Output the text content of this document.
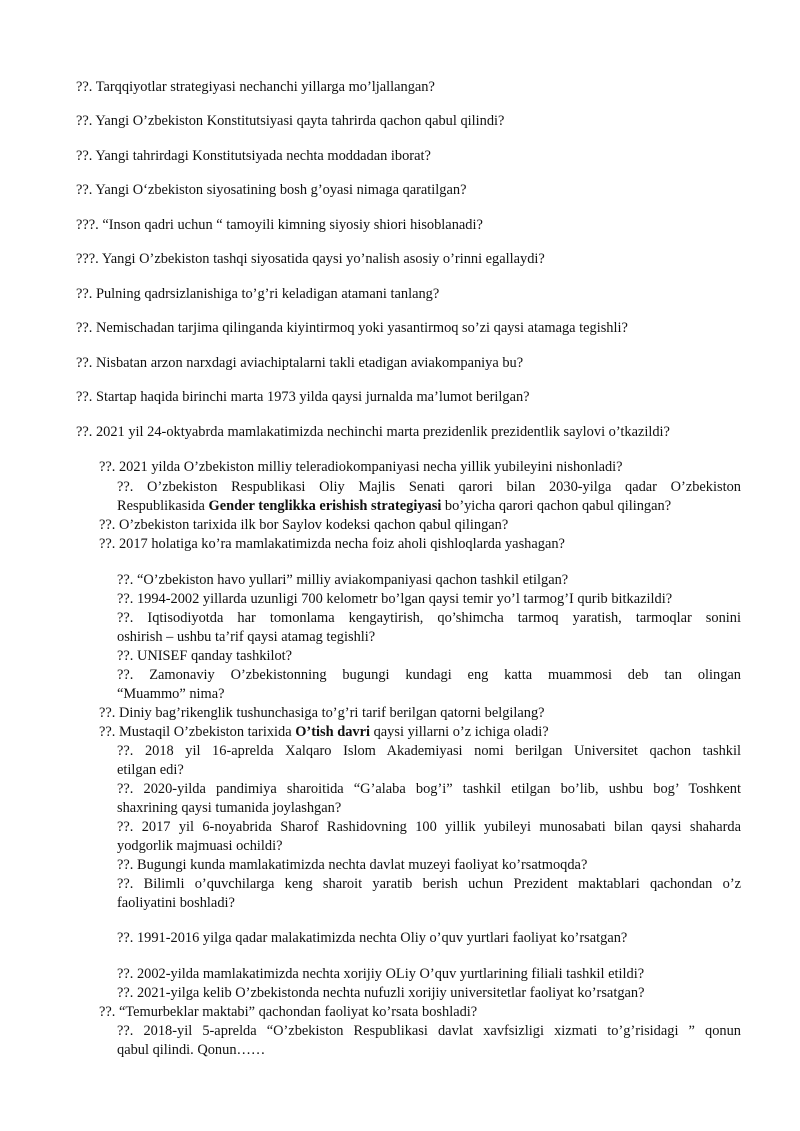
??. Tarqqiyotlar strategiyasi nechanchi yillarga mo’ljallangan?
??. Yangi O’zbekiston Konstitutsiyasi qayta tahrirda qachon qabul qilindi?
??. Yangi tahrirdagi Konstitutsiyada nechta moddadan iborat?
??. Yangi O‘zbekiston siyosatining bosh g’oyasi nimaga qaratilgan?
???. “Inson qadri uchun “ tamoyili kimning siyosiy shiori hisoblanadi?
???. Yangi O’zbekiston tashqi siyosatida qaysi yo’nalish asosiy o’rinni egallaydi?
??. Pulning qadrsizlanishiga to’g’ri keladigan atamani tanlang?
??. Nemischadan tarjima qilinganda kiyintirmoq yoki yasantirmoq so’zi qaysi atamaga tegishli?
??. Nisbatan arzon narxdagi aviachiptalarni takli etadigan aviakompaniya bu?
??. Startap haqida birinchi marta 1973 yilda qaysi jurnalda ma’lumot berilgan?
??. 2021 yil 24-oktyabrda mamlakatimizda nechinchi marta prezidenlik prezidentlik saylovi o’tkazildi?
??. 2021 yilda O’zbekiston milliy teleradiokompaniyasi necha yillik yubileyini nishonladi?
??. O’zbekiston Respublikasi Oliy Majlis Senati qarori bilan 2030-yilga qadar O’zbekiston
Respublikasida Gender tenglikka erishish strategiyasi bo’yicha qarori qachon qabul qilingan?
??. O’zbekiston tarixida ilk bor Saylov kodeksi qachon qabul qilingan?
??. 2017 holatiga ko’ra mamlakatimizda necha foiz aholi qishloqlarda yashagan?
??. “O’zbekiston havo yullari” milliy aviakompaniyasi qachon tashkil etilgan?
??. 1994-2002 yillarda uzunligi 700 kelometr bo’lgan qaysi temir yo’l tarmog’I qurib bitkazildi?
??. Iqtisodiyotda har tomonlama kengaytirish, qo’shimcha tarmoq yaratish, tarmoqlar sonini
oshirish – ushbu ta’rif qaysi atamag tegishli?
??. UNISEF qanday tashkilot?
??. Zamonaviy O’zbekistonning bugungi kundagi eng katta muammosi deb tan olingan
“Muammo” nima?
??. Diniy bag’rikenglik tushunchasiga to’g’ri tarif berilgan qatorni belgilang?
??. Mustaqil O’zbekiston tarixida O’tish davri qaysi yillarni o’z ichiga oladi?
??. 2018 yil 16-aprelda Xalqaro Islom Akademiyasi nomi berilgan Universitet qachon tashkil
etilgan edi?
??. 2020-yilda pandimiya sharoitida “G’alaba bog’i” tashkil etilgan bo’lib, ushbu bog’ Toshkent
shaxrining qaysi tumanida joylashgan?
??. 2017 yil 6-noyabrida Sharof Rashidovning 100 yillik yubileyi munosabati bilan qaysi shaharda
yodgorlik majmuasi ochildi?
??. Bugungi kunda mamlakatimizda nechta davlat muzeyi faoliyat ko’rsatmoqda?
??. Bilimli o’quvchilarga keng sharoit yaratib berish uchun Prezident maktablari qachondan o’z
faoliyatini boshladi?
??. 1991-2016 yilga qadar malakatimizda nechta Oliy o’quv yurtlari faoliyat ko’rsatgan?
??. 2002-yilda mamlakatimizda nechta xorijiy OLiy O’quv yurtlarining filiali tashkil etildi?
??. 2021-yilga kelib O’zbekistonda nechta nufuzli xorijiy universitetlar faoliyat ko’rsatgan?
??. “Temurbeklar maktabi” qachondan faoliyat ko’rsata boshladi?
??. 2018-yil 5-aprelda “O’zbekiston Respublikasi davlat xavfsizligi xizmati to’g’risidagi ” qonun
qabul qilindi. Qonun……
